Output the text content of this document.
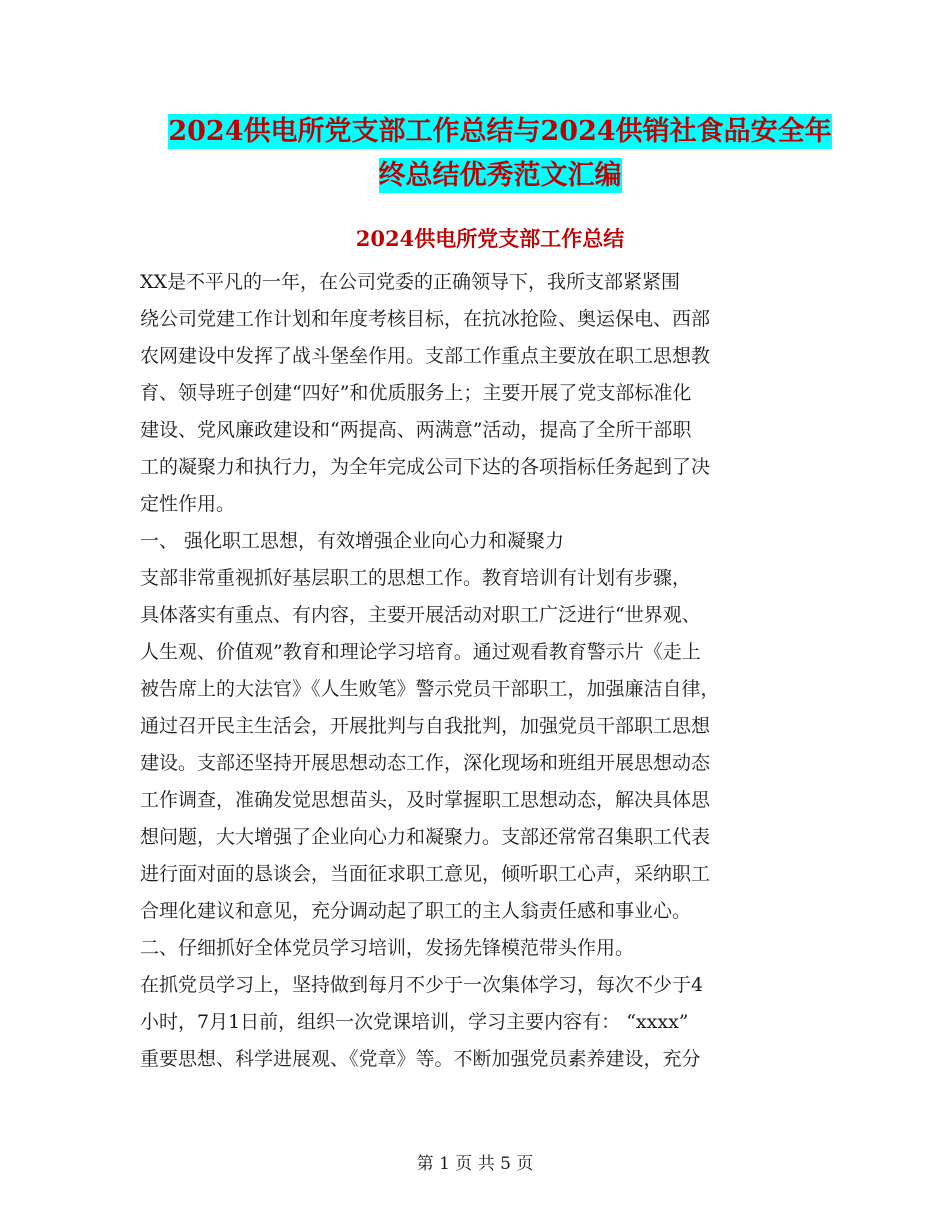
2024供电所党支部工作总结与2024供销社食品安全年
终总结优秀范文汇编
2024供电所党支部工作总结
XX是不平凡的一年，在公司党委的正确领导下，我所支部紧紧围
绕公司党建工作计划和年度考核目标，在抗冰抢险、奥运保电、西部
农网建设中发挥了战斗堡垒作用。支部工作重点主要放在职工思想教
育、领导班子创建“四好”和优质服务上；主要开展了党支部标准化
建设、党风廉政建设和“两提高、两满意”活动，提高了全所干部职
工的凝聚力和执行力，为全年完成公司下达的各项指标任务起到了决
定性作用。
一、 强化职工思想，有效增强企业向心力和凝聚力
支部非常重视抓好基层职工的思想工作。教育培训有计划有步骤，
具体落实有重点、有内容，主要开展活动对职工广泛进行“世界观、
人生观、价值观”教育和理论学习培育。通过观看教育警示片《走上
被告席上的大法官》《人生败笔》警示党员干部职工，加强廉洁自律，
通过召开民主生活会，开展批判与自我批判，加强党员干部职工思想
建设。支部还坚持开展思想动态工作，深化现场和班组开展思想动态
工作调查，准确发觉思想苗头，及时掌握职工思想动态，解决具体思
想问题，大大增强了企业向心力和凝聚力。支部还常常召集职工代表
进行面对面的恳谈会，当面征求职工意见，倾听职工心声，采纳职工
合理化建议和意见，充分调动起了职工的主人翁责任感和事业心。
二、仔细抓好全体党员学习培训，发扬先锋模范带头作用。
在抓党员学习上，坚持做到每月不少于一次集体学习，每次不少于4
小时，7月1日前，组织一次党课培训，学习主要内容有： “xxxx”
重要思想、科学进展观、《党章》等。不断加强党员素养建设，充分
第 1 页 共 5 页
